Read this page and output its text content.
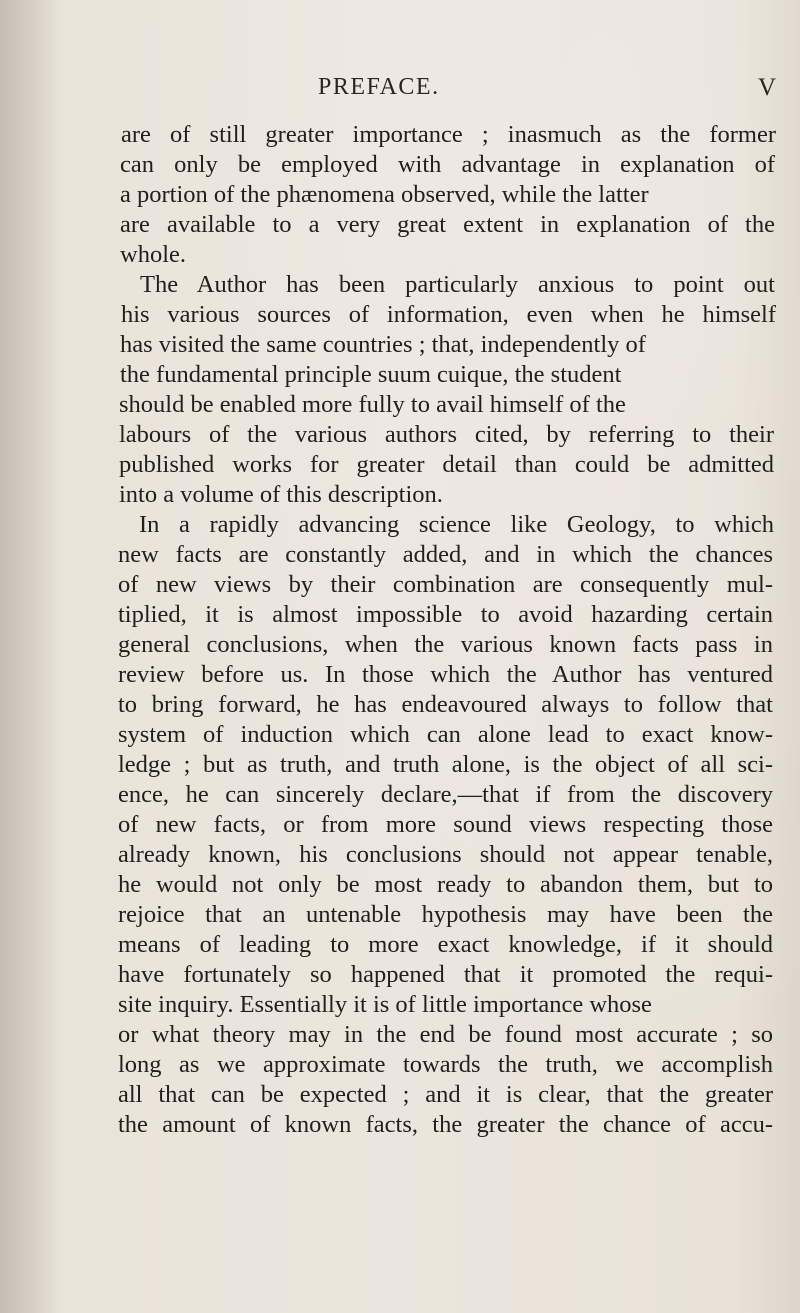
PREFACE.	V
are of still greater importance ; inasmuch as the former
can only be employed with advantage in explanation of
a portion of the phænomena observed, while the latter
are available to a very great extent in explanation of the
whole.
The Author has been particularly anxious to point out
his various sources of information, even when he himself
has visited the same countries ; that, independently of
the fundamental principle suum cuique, the student
should be enabled more fully to avail himself of the
labours of the various authors cited, by referring to their
published works for greater detail than could be admitted
into a volume of this description.
In a rapidly advancing science like Geology, to which
new facts are constantly added, and in which the chances
of new views by their combination are consequently mul-
tiplied, it is almost impossible to avoid hazarding certain
general conclusions, when the various known facts pass in
review before us. In those which the Author has ventured
to bring forward, he has endeavoured always to follow that
system of induction which can alone lead to exact know-
ledge ; but as truth, and truth alone, is the object of all sci-
ence, he can sincerely declare,—that if from the discovery
of new facts, or from more sound views respecting those
already known, his conclusions should not appear tenable,
he would not only be most ready to abandon them, but to
rejoice that an untenable hypothesis may have been the
means of leading to more exact knowledge, if it should
have fortunately so happened that it promoted the requi-
site inquiry. Essentially it is of little importance whose
or what theory may in the end be found most accurate ; so
long as we approximate towards the truth, we accomplish
all that can be expected ; and it is clear, that the greater
the amount of known facts, the greater the chance of accu-
